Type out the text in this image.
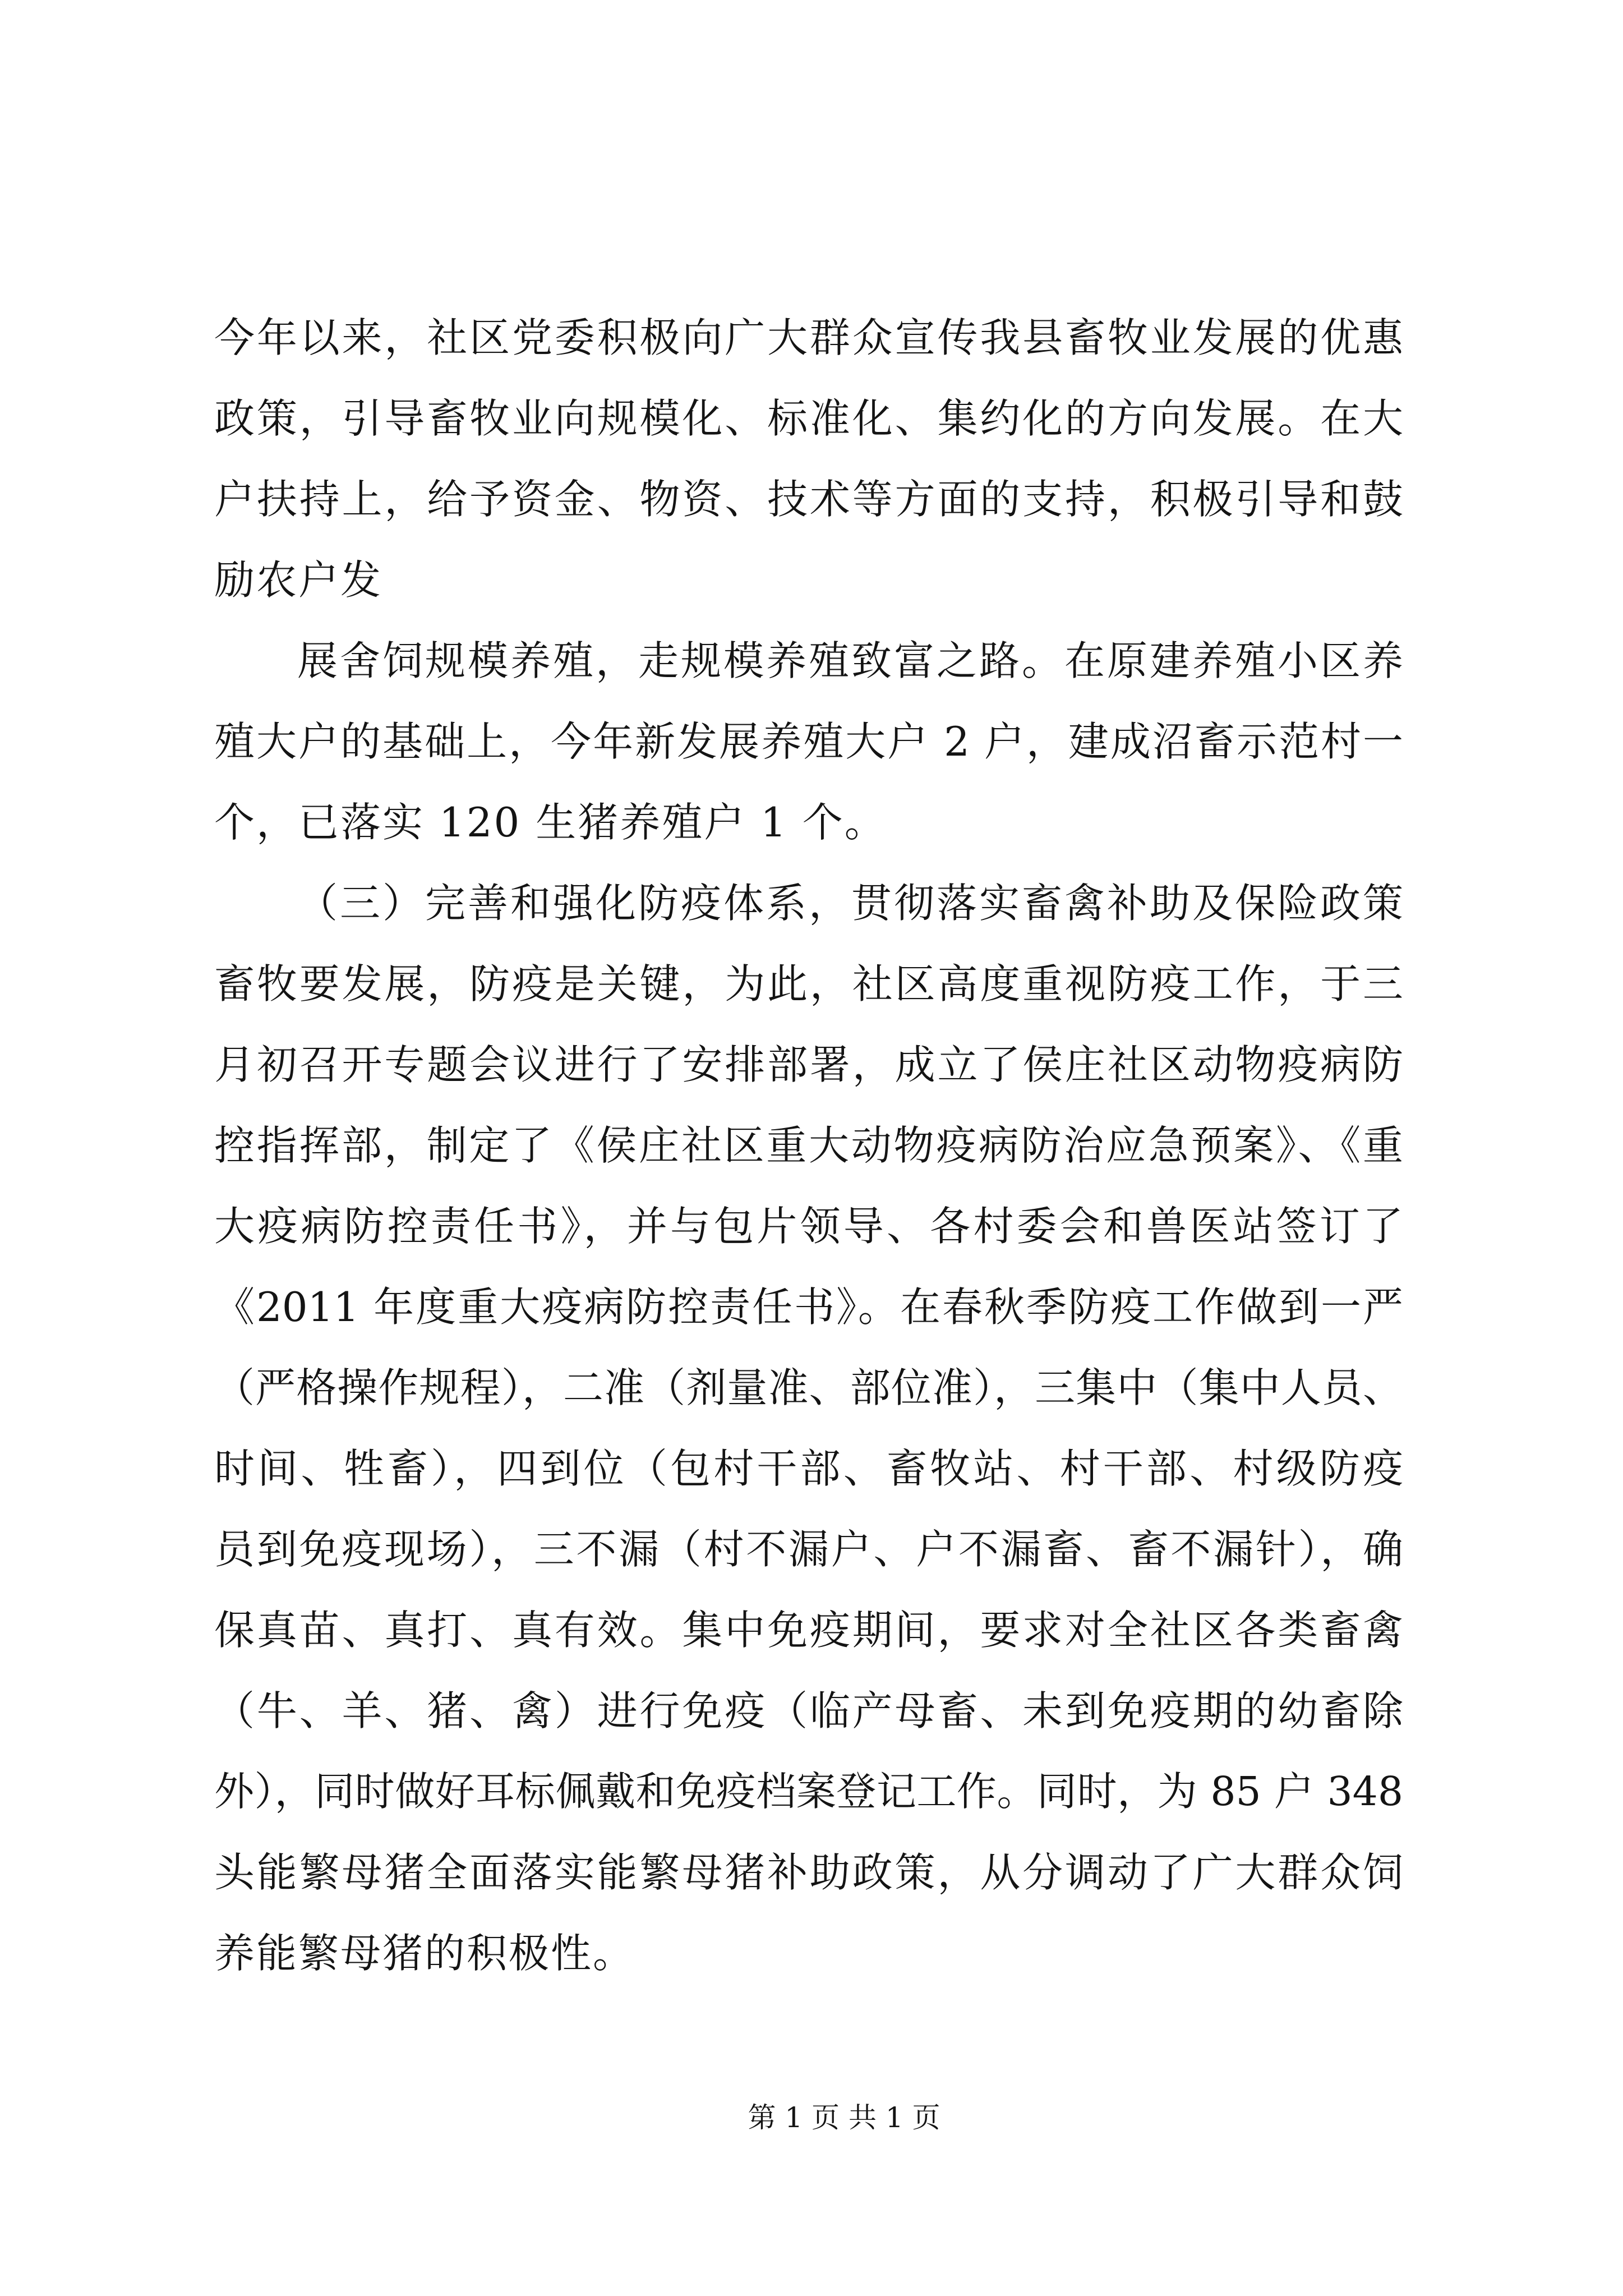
今年以来，社区党委积极向广大群众宣传我县畜牧业发展的优惠
政策，引导畜牧业向规模化、标准化、集约化的方向发展。在大
户扶持上，给予资金、物资、技术等方面的支持，积极引导和鼓
励农户发
展舍饲规模养殖，走规模养殖致富之路。在原建养殖小区养
殖大户的基础上，今年新发展养殖大户 2 户，建成沼畜示范村一
个，已落实 120 生猪养殖户 1 个。
（三）完善和强化防疫体系，贯彻落实畜禽补助及保险政策
畜牧要发展，防疫是关键，为此，社区高度重视防疫工作，于三
月初召开专题会议进行了安排部署，成立了侯庄社区动物疫病防
控指挥部，制定了《侯庄社区重大动物疫病防治应急预案》、《重
大疫病防控责任书》，并与包片领导、各村委会和兽医站签订了
《2011 年度重大疫病防控责任书》。在春秋季防疫工作做到一严
（严格操作规程），二准（剂量准、部位准），三集中（集中人员、
时间、牲畜），四到位（包村干部、畜牧站、村干部、村级防疫
员到免疫现场），三不漏（村不漏户、户不漏畜、畜不漏针），确
保真苗、真打、真有效。集中免疫期间，要求对全社区各类畜禽
（牛、羊、猪、禽）进行免疫（临产母畜、未到免疫期的幼畜除
外），同时做好耳标佩戴和免疫档案登记工作。同时，为 85 户 348
头能繁母猪全面落实能繁母猪补助政策，从分调动了广大群众饲
养能繁母猪的积极性。
第 1 页 共 1 页
